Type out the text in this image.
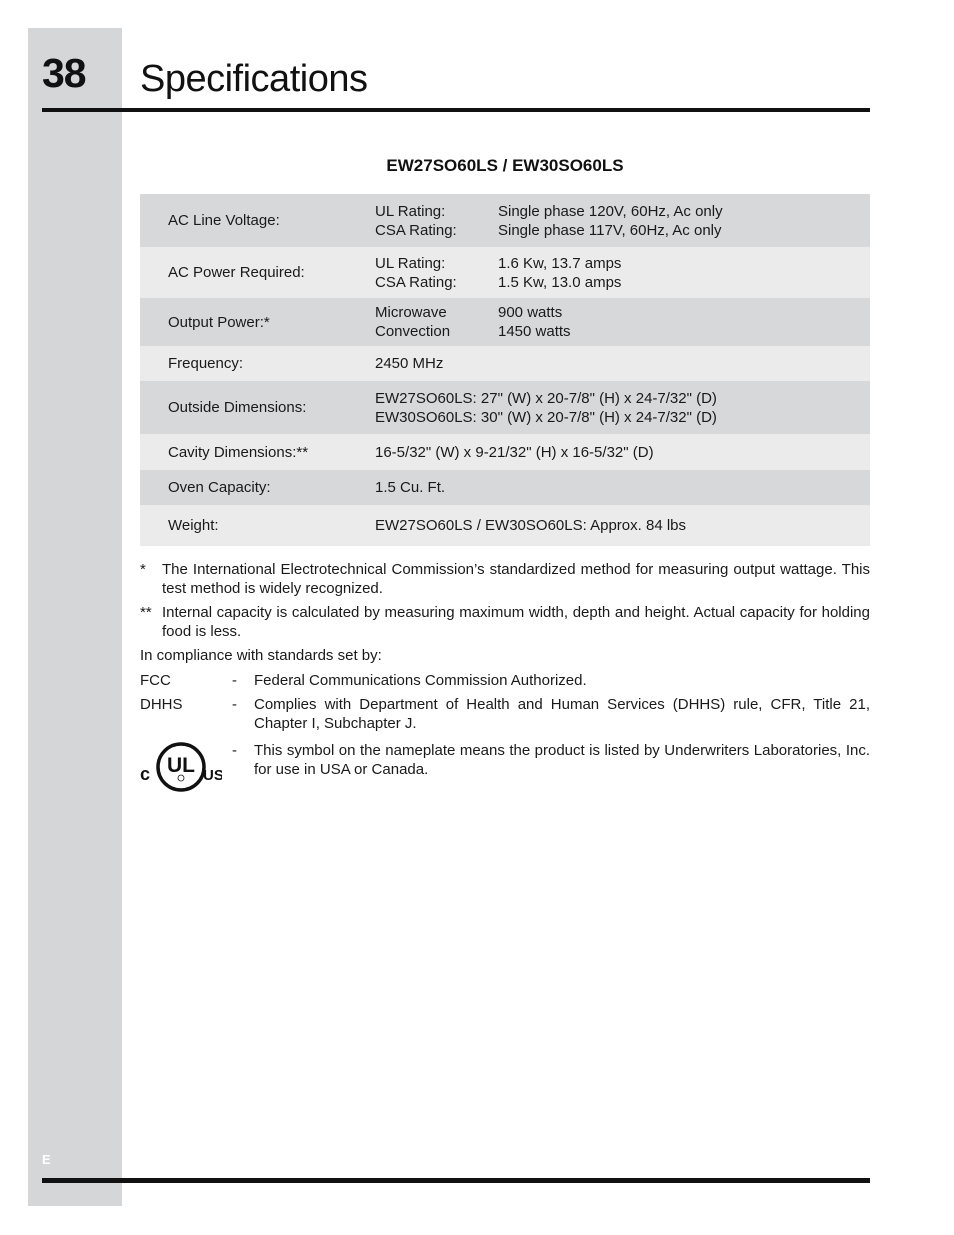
38 Specifications
EW27SO60LS / EW30SO60LS
AC Line Voltage:
UL Rating:	Single phase 120V, 60Hz, Ac only
CSA Rating:	Single phase 117V, 60Hz, Ac only
AC Power Required:
UL Rating:	1.6 Kw, 13.7 amps
CSA Rating:	1.5 Kw, 13.0 amps
Output Power:*
Microwave	900 watts
Convection	1450 watts
Frequency:	2450 MHz
Outside Dimensions:
EW27SO60LS: 27" (W) x 20-7/8" (H) x 24-7/32" (D)
EW30SO60LS: 30" (W) x 20-7/8" (H) x 24-7/32" (D)
Cavity Dimensions:**	16-5/32" (W) x 9-21/32" (H) x 16-5/32" (D)
Oven Capacity:	1.5 Cu. Ft.
Weight:	EW27SO60LS / EW30SO60LS: Approx. 84 lbs
*	The International Electrotechnical Commission’s standardized method for measuring output wattage. This test method is widely recognized.
** Internal capacity is calculated by measuring maximum width, depth and height. Actual capacity for holding food is less.
In compliance with standards set by:
FCC	-	Federal Communications Commission Authorized.
DHHS	-	Complies with Department of Health and Human Services (DHHS) rule, CFR, Title 21, Chapter I, Subchapter J.
c UL US
-	This symbol on the nameplate means the product is listed by Underwriters Laboratories, Inc. for use in USA or Canada.
E
